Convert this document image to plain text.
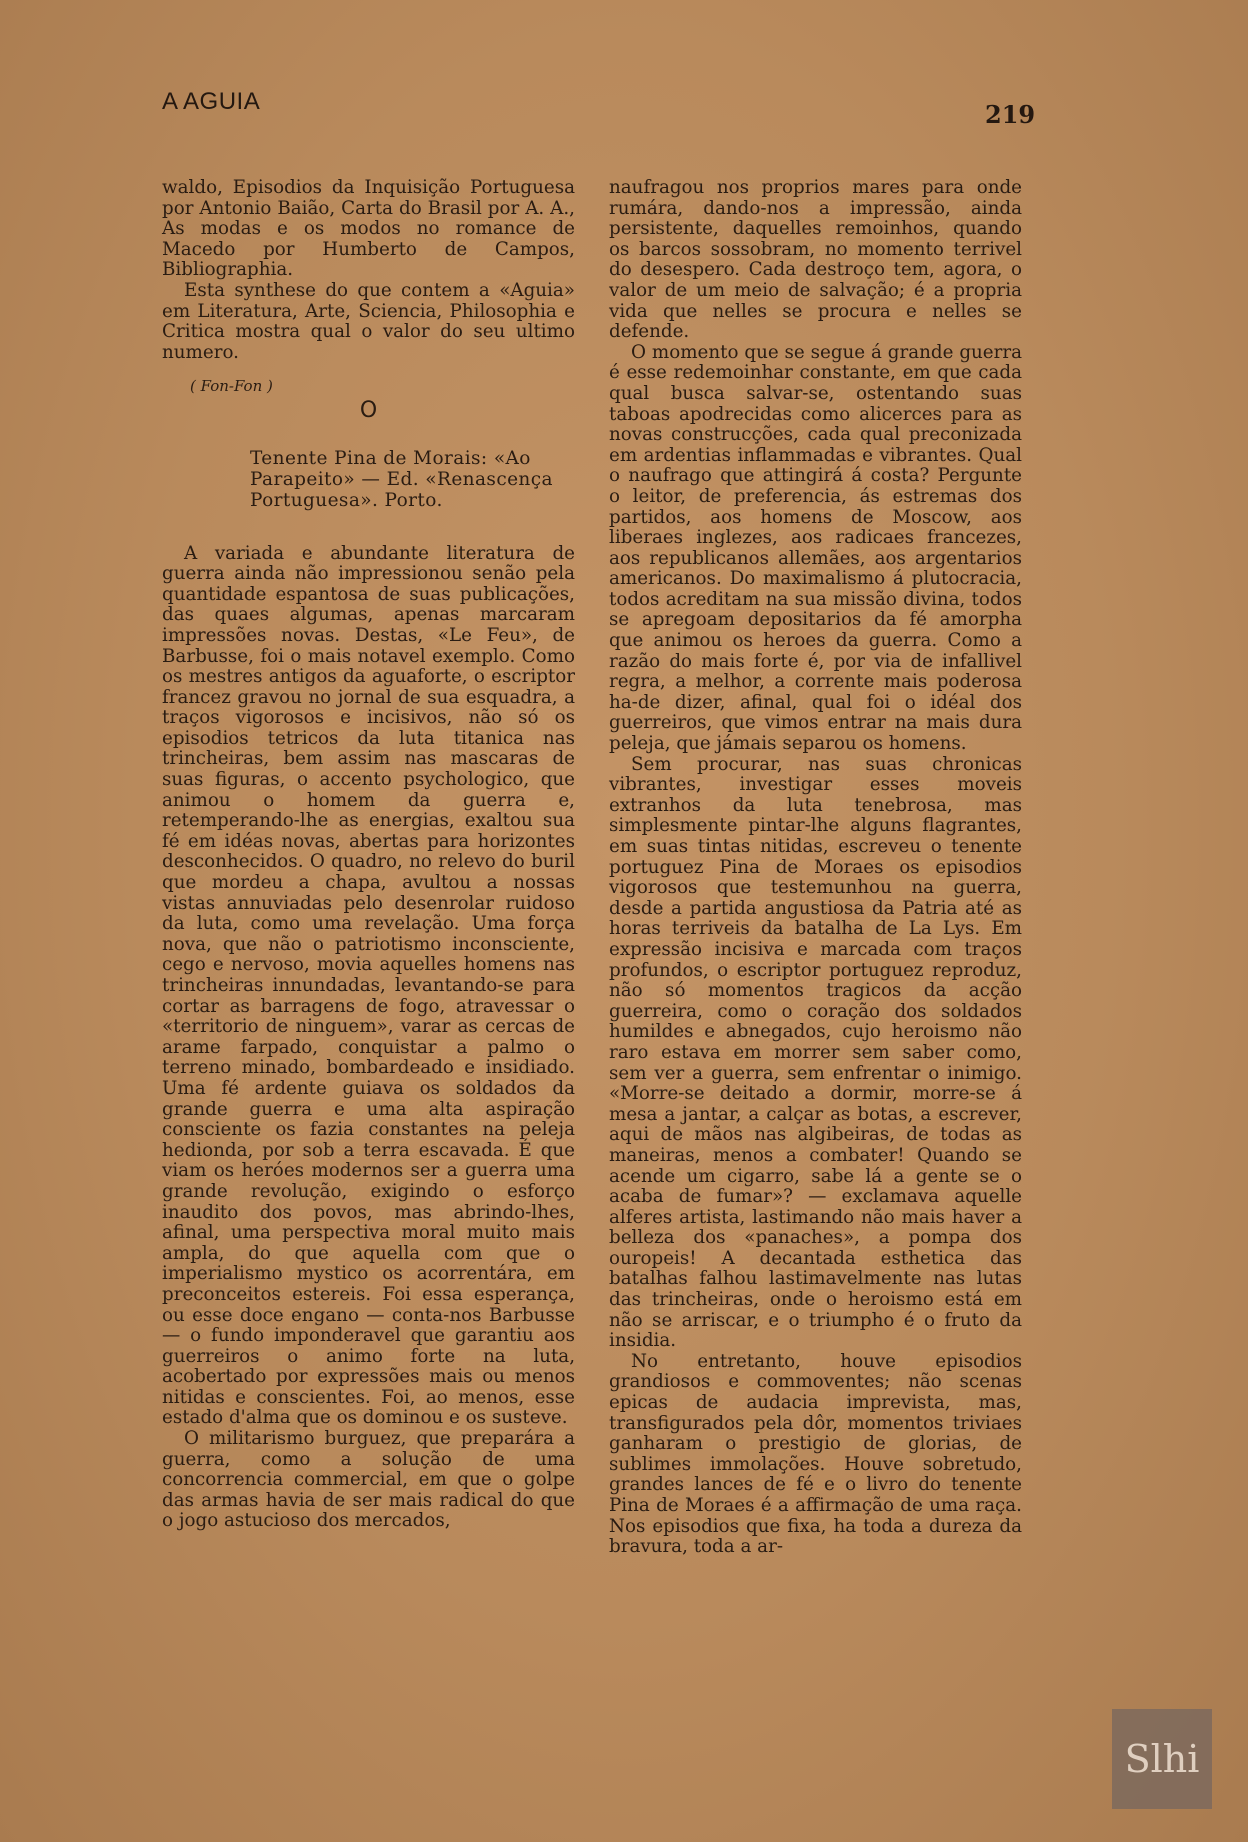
A AGUIA	219

waldo, Episodios da Inquisição Portuguesa por Antonio Baião, Carta do Brasil por A. A., As modas e os modos no romance de Macedo por Humberto de Campos, Bibliographia.

Esta synthese do que contem a «Aguia» em Literatura, Arte, Sciencia, Philosophia e Critica mostra qual o valor do seu ultimo numero.

( Fon-Fon )
O
Tenente Pina de Morais: «Ao Parapeito» — Ed. «Renascença Portuguesa». Porto.

A variada e abundante literatura de guerra ainda não impressionou senão pela quantidade espantosa de suas publicações, das quaes algumas, apenas marcaram impressões novas. Destas, «Le Feu», de Barbusse, foi o mais notavel exemplo. Como os mestres antigos da aguaforte, o escriptor francez gravou no jornal de sua esquadra, a traços vigorosos e incisivos, não só os episodios tetricos da luta titanica nas trincheiras, bem assim nas mascaras de suas figuras, o accento psychologico, que animou o homem da guerra e, retemperando-lhe as energias, exaltou sua fé em idéas novas, abertas para horizontes desconhecidos. O quadro, no relevo do buril que mordeu a chapa, avultou a nossas vistas annuviadas pelo desenrolar ruidoso da luta, como uma revelação. Uma força nova, que não o patriotismo inconsciente, cego e nervoso, movia aquelles homens nas trincheiras innundadas, levantando-se para cortar as barragens de fogo, atravessar o «territorio de ninguem», varar as cercas de arame farpado, conquistar a palmo o terreno minado, bombardeado e insidiado. Uma fé ardente guiava os soldados da grande guerra e uma alta aspiração consciente os fazia constantes na peleja hedionda, por sob a terra escavada. É que viam os heróes modernos ser a guerra uma grande revolução, exigindo o esforço inaudito dos povos, mas abrindo-lhes, afinal, uma perspectiva moral muito mais ampla, do que aquella com que o imperialismo mystico os acorrentára, em preconceitos estereis. Foi essa esperança, ou esse doce engano — conta-nos Barbusse — o fundo imponderavel que garantiu aos guerreiros o animo forte na luta, acobertado por expressões mais ou menos nitidas e conscientes. Foi, ao menos, esse estado d'alma que os dominou e os susteve.

O militarismo burguez, que preparára a guerra, como a solução de uma concorrencia commercial, em que o golpe das armas havia de ser mais radical do que o jogo astucioso dos mercados,

naufragou nos proprios mares para onde rumára, dando-nos a impressão, ainda persistente, daquelles remoinhos, quando os barcos sossobram, no momento terrivel do desespero. Cada destroço tem, agora, o valor de um meio de salvação; é a propria vida que nelles se procura e nelles se defende.

O momento que se segue á grande guerra é esse redemoinhar constante, em que cada qual busca salvar-se, ostentando suas taboas apodrecidas como alicerces para as novas construcções, cada qual preconizada em ardentias inflammadas e vibrantes. Qual o naufrago que attingirá á costa? Pergunte o leitor, de preferencia, ás estremas dos partidos, aos homens de Moscow, aos liberaes inglezes, aos radicaes francezes, aos republicanos allemães, aos argentarios americanos. Do maximalismo á plutocracia, todos acreditam na sua missão divina, todos se apregoam depositarios da fé amorpha que animou os heroes da guerra. Como a razão do mais forte é, por via de infallivel regra, a melhor, a corrente mais poderosa ha-de dizer, afinal, qual foi o idéal dos guerreiros, que vimos entrar na mais dura peleja, que jámais separou os homens.

Sem procurar, nas suas chronicas vibrantes, investigar esses moveis extranhos da luta tenebrosa, mas simplesmente pintar-lhe alguns flagrantes, em suas tintas nitidas, escreveu o tenente portuguez Pina de Moraes os episodios vigorosos que testemunhou na guerra, desde a partida angustiosa da Patria até as horas terriveis da batalha de La Lys. Em expressão incisiva e marcada com traços profundos, o escriptor portuguez reproduz, não só momentos tragicos da acção guerreira, como o coração dos soldados humildes e abnegados, cujo heroismo não raro estava em morrer sem saber como, sem ver a guerra, sem enfrentar o inimigo. «Morre-se deitado a dormir, morre-se á mesa a jantar, a calçar as botas, a escrever, aqui de mãos nas algibeiras, de todas as maneiras, menos a combater! Quando se acende um cigarro, sabe lá a gente se o acaba de fumar»? — exclamava aquelle alferes artista, lastimando não mais haver a belleza dos «panaches», a pompa dos ouropeis! A decantada esthetica das batalhas falhou lastimavelmente nas lutas das trincheiras, onde o heroismo está em não se arriscar, e o triumpho é o fruto da insidia.

No entretanto, houve episodios grandiosos e commoventes; não scenas epicas de audacia imprevista, mas, transfigurados pela dôr, momentos triviaes ganharam o prestigio de glorias, de sublimes immolações. Houve sobretudo, grandes lances de fé e o livro do tenente Pina de Moraes é a affirmação de uma raça. Nos episodios que fixa, ha toda a dureza da bravura, toda a ar-

Slhi
